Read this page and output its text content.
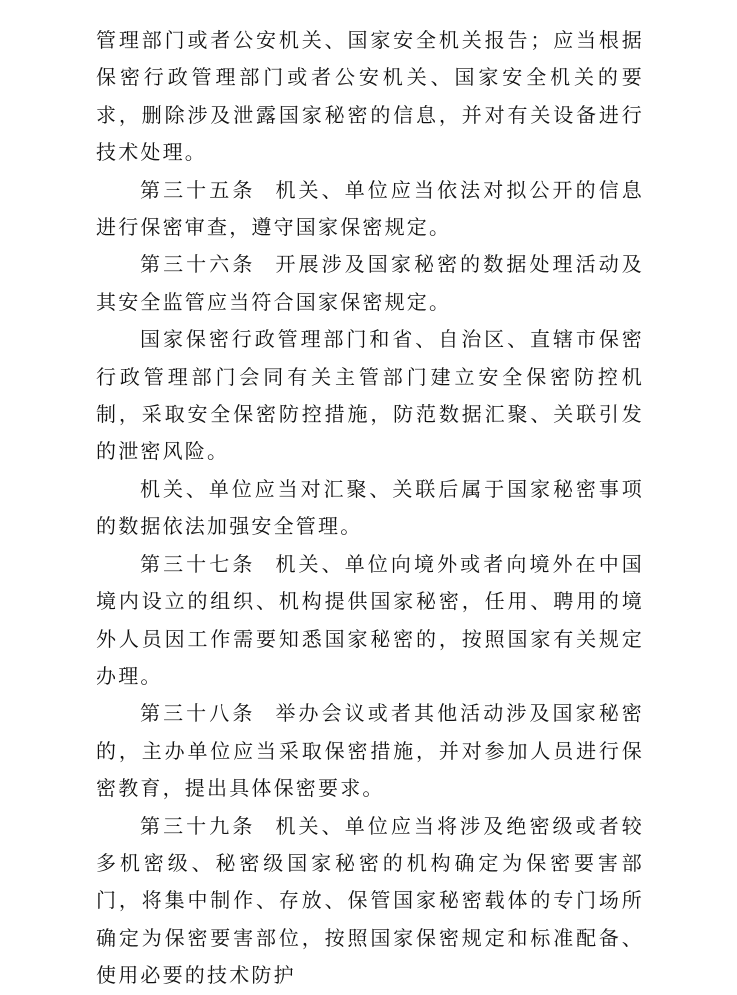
管理部门或者公安机关、国家安全机关报告；应当根据保密行政管理部门或者公安机关、国家安全机关的要求，删除涉及泄露国家秘密的信息，并对有关设备进行技术处理。

第三十五条 机关、单位应当依法对拟公开的信息进行保密审查，遵守国家保密规定。

第三十六条 开展涉及国家秘密的数据处理活动及其安全监管应当符合国家保密规定。

国家保密行政管理部门和省、自治区、直辖市保密行政管理部门会同有关主管部门建立安全保密防控机制，采取安全保密防控措施，防范数据汇聚、关联引发的泄密风险。

机关、单位应当对汇聚、关联后属于国家秘密事项的数据依法加强安全管理。

第三十七条 机关、单位向境外或者向境外在中国境内设立的组织、机构提供国家秘密，任用、聘用的境外人员因工作需要知悉国家秘密的，按照国家有关规定办理。

第三十八条 举办会议或者其他活动涉及国家秘密的，主办单位应当采取保密措施，并对参加人员进行保密教育，提出具体保密要求。

第三十九条 机关、单位应当将涉及绝密级或者较多机密级、秘密级国家秘密的机构确定为保密要害部门，将集中制作、存放、保管国家秘密载体的专门场所确定为保密要害部位，按照国家保密规定和标准配备、使用必要的技术防护
